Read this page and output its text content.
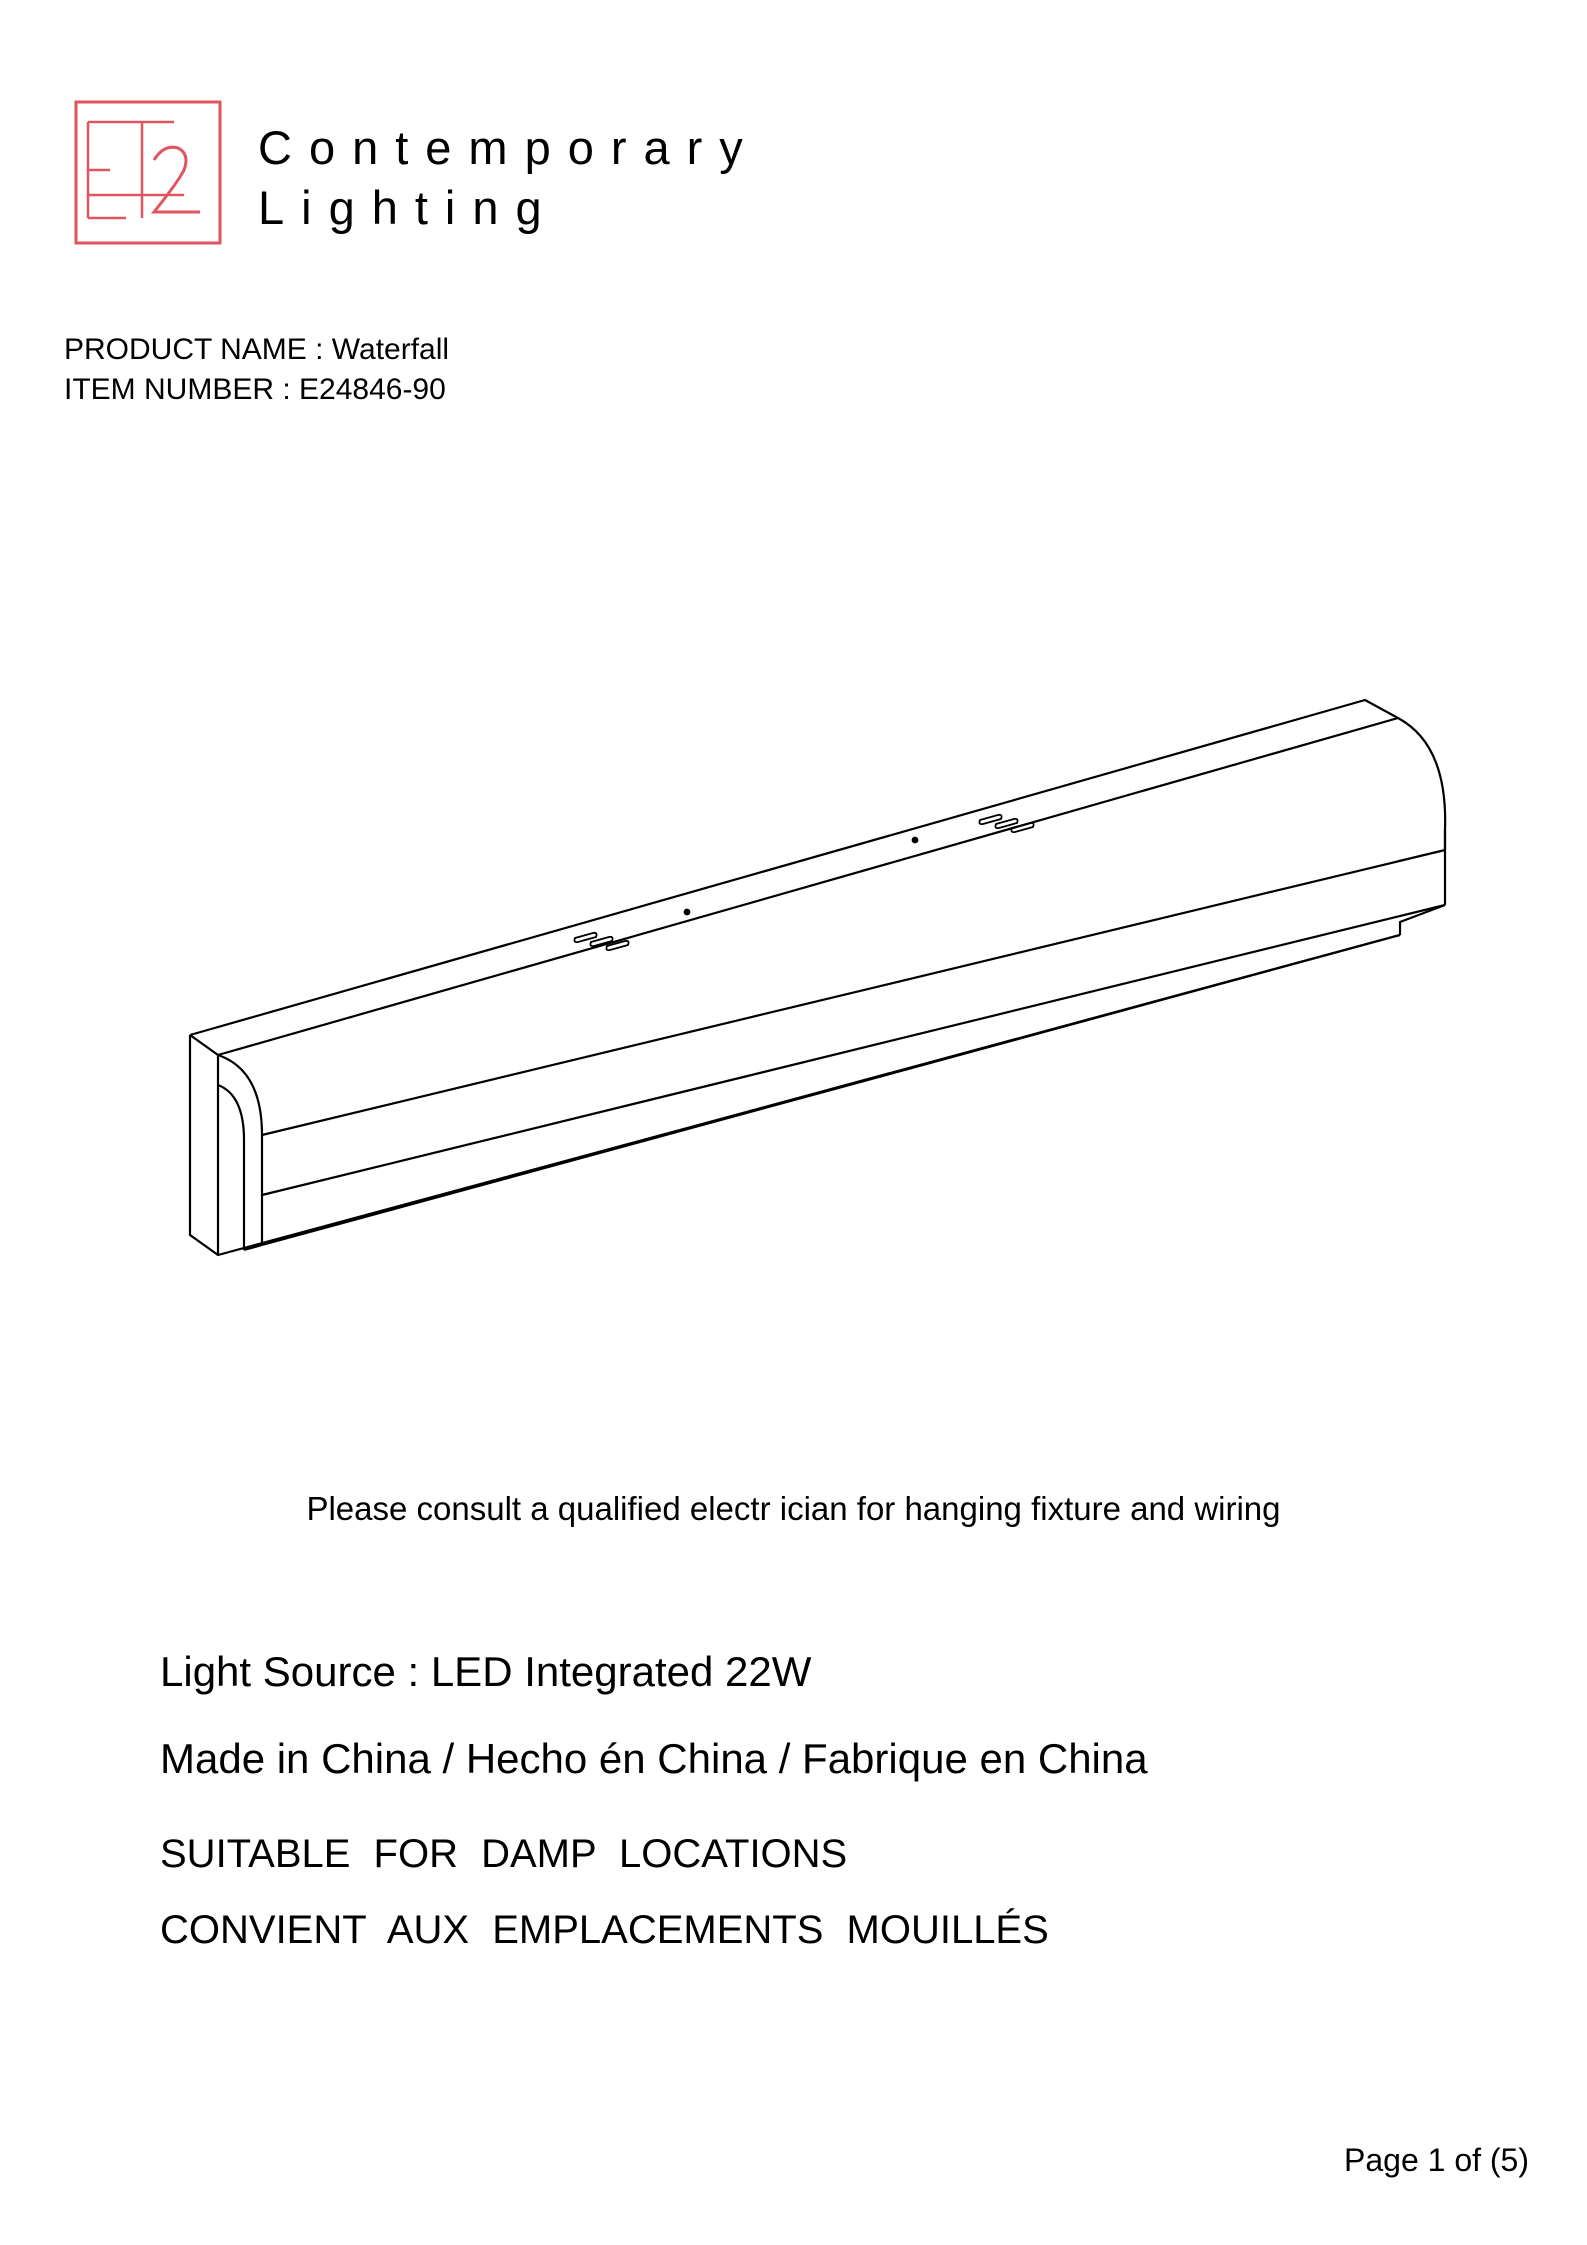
Contemporary
Lighting
PRODUCT NAME : Waterfall
ITEM NUMBER : E24846-90
Please consult a qualified electr ician for hanging fixture and wiring
Light Source : LED Integrated 22W
Made in China / Hecho én China / Fabrique en China
SUITABLE FOR DAMP LOCATIONS
CONVIENT AUX EMPLACEMENTS MOUILLÉS
Page 1 of (5)
